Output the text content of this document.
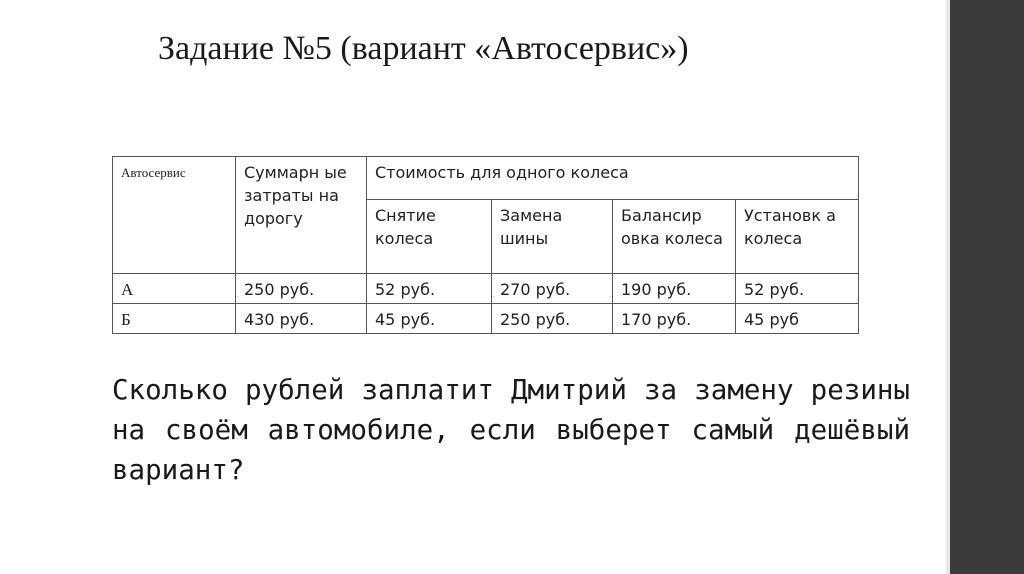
Задание №5 (вариант «Автосервис»)
Автосервис	Суммарн ые затраты на дорогу	Стоимость для одного колеса			
		Снятие колеса	Замена шины	Балансир овка колеса	Установк а колеса
А	250 руб.	52 руб.	270 руб.	190 руб.	52 руб.
Б	430 руб.	45 руб.	250 руб.	170 руб.	45 руб
Сколько рублей заплатит Дмитрий за замену резины на своём автомобиле, если выберет самый дешёвый вариант?
